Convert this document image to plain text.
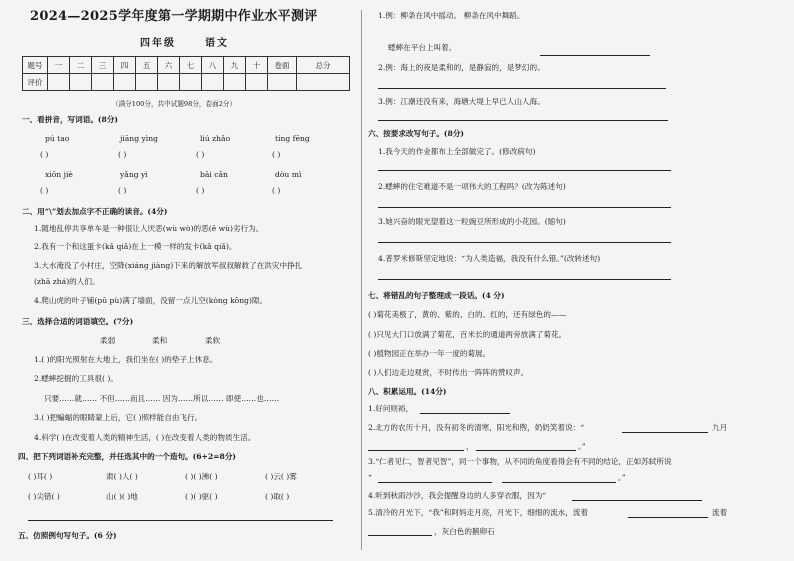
2024—2025学年度第一学期期中作业水平测评
四年级	语文
题号	一	二	三	四	五	六	七	八	九	十	卷面	总分
评价												
（满分100分，共中试题98分，卷面2分）
一、看拼音，写词语。(8分)
pú tao	jiāng yìng	liú zhǎo	tíng fēng
( )	( )	( )	( )
xiōn jiè	yǎng yì	bāi cān	dòu mì
( )	( )	( )	( )
二、用“\”划去加点字不正确的读音。(4分)
1.随地乱停共享单车是一种很让人厌恶(wù wò)的恶(ě wù)劣行为。
2.我有一个和这蛋卡(kǎ qiǎ)在上一模一样的发卡(kǎ qiǎ)。
3.大水淹没了小村庄，空降(xiáng jiàng)下来的解放军叔叔解救了在洪灾中挣扎
(zhā zhá)的人们。
4.爬山虎的叶子铺(pū pù)满了墙面，没留一点儿空(kòng kōng)隙。
三、选择合适的词语填空。(7分)
柔弱	柔和	柔软
1.( )的阳光照射在大地上，我们坐在( )的垫子上休息。
2.蟋蟀挖掘的工具很( )。
只要……就…… 不但……而且…… 因为……所以…… 即使……也……
3.( )把蝙蝠的眼睛蒙上后，它( )照样能自由飞行。
4.科学( )在改变着人类的精神生活，( )在改变着人类的物质生活。
四、把下列词语补充完整，并任选其中的一个造句。(6+2=8分)
( )耳( )	肃( )人( )	( )( )沸( )	( )云( )雾
( )尖错( )	山( )( )地	( )( )驱( )	( )取( )
五、仿照例句写句子。(6 分)
1.例：柳条在风中摇动。 柳条在风中舞蹈。
蟋蟀在平台上叫着。
2.例：海上的夜是柔和的，是静寂的，是梦幻的。
3.例：江潮还没有来，海塘大堤上早已人山人海。
六、按要求改写句子。(8分)
1.我今天的作业都布上全部做完了。(修改病句)
2.蟋蟀的住宅难道不是一项伟大的工程吗？(改为陈述句)
3.她兴奋的眼光望着这一粒豌豆所形成的小花园。(缩句)
4.普罗米修斯坚定地说：“为人类造福，我没有什么错。”(改转述句)
七、将错乱的句子整理成一段话。(4 分)
( )菊花美极了，黄的、紫的、白的、红的，还有绿色的——
( )只见大门口放满了菊花，百米长的通道两旁放满了菊花。
( )植物园正在举办一年一度的菊展。
( )人们边走边观赏，不时传出一阵阵的赞叹声。
八、积累运用。(14分)
1.好问则裕，
2.北方的农历十月，没有初冬的清寒，阳光和煦，奶奶笑着说：“	九月
，	。”
3.“仁者见仁，智者见智”，同一个事物，从不同的角度看得会有不同的结论，正如苏轼所说
“	。”
4.听到秋雨沙沙，我会提醒身边的人多穿衣服，因为“
5.清冷的月光下，“我”和阿妈走月亮，月光下，细细的流水，流着	流着
，灰白色的鹅卵石
